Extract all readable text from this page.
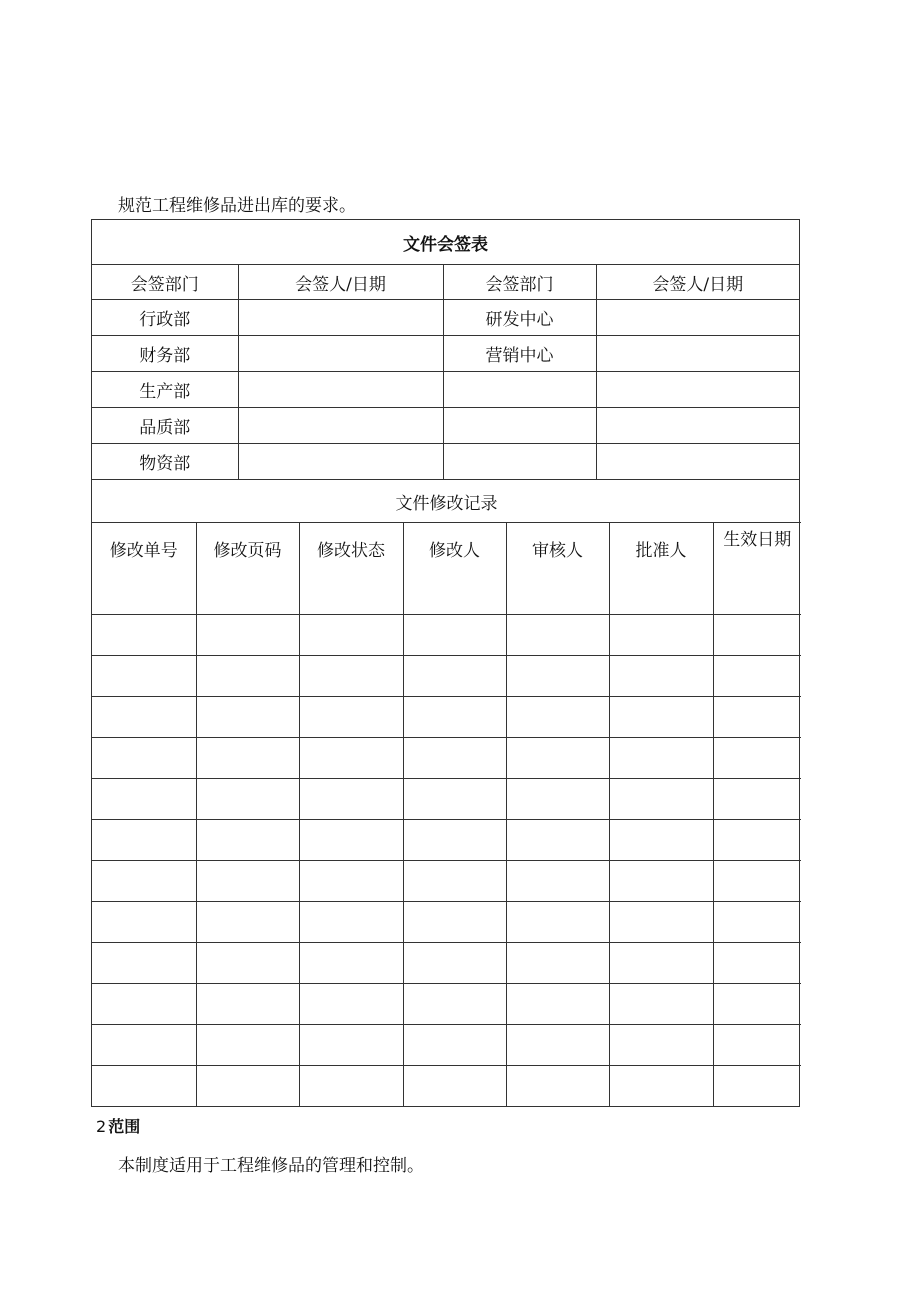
规范工程维修品进出库的要求。
文件会签表			
会签部门	会签人/日期	会签部门	会签人/日期
行政部		研发中心	
财务部		营销中心	
生产部			
品质部			
物资部			
文件修改记录						
修改单号	修改页码	修改状态	修改人	审核人	批准人	生效日期

2 范围
本制度适用于工程维修品的管理和控制。
